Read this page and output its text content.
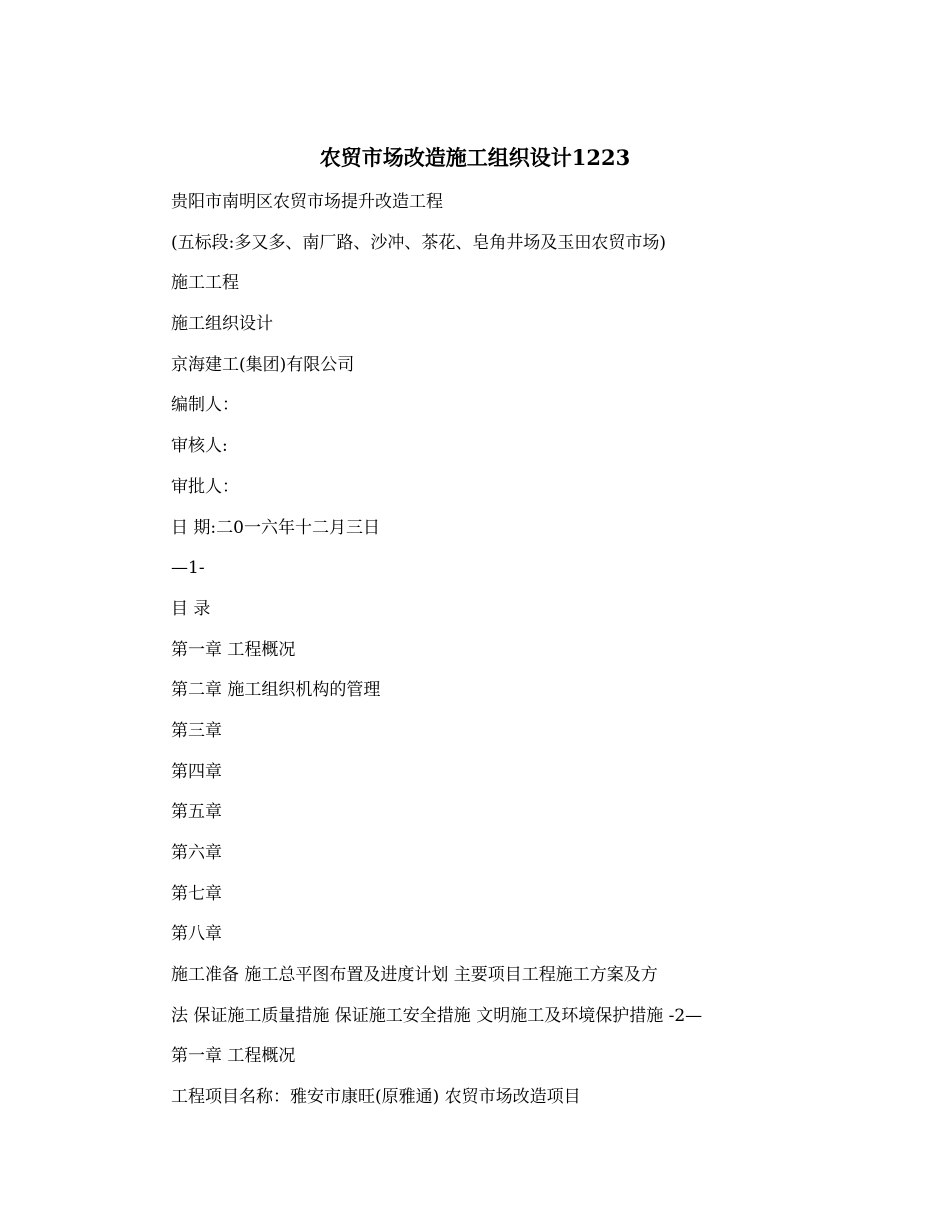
农贸市场改造施工组织设计1223
贵阳市南明区农贸市场提升改造工程
(五标段:多又多、南厂路、沙冲、茶花、皂角井场及玉田农贸市场)
施工工程
施工组织设计
京海建工(集团)有限公司
编制人：
审核人:
审批人：
日 期:二0一六年十二月三日
—1-
目 录
第一章 工程概况
第二章 施工组织机构的管理
第三章
第四章
第五章
第六章
第七章
第八章
施工准备 施工总平图布置及进度计划 主要项目工程施工方案及方
法 保证施工质量措施 保证施工安全措施 文明施工及环境保护措施 -2—
第一章 工程概况
工程项目名称：雅安市康旺(原雅通) 农贸市场改造项目
